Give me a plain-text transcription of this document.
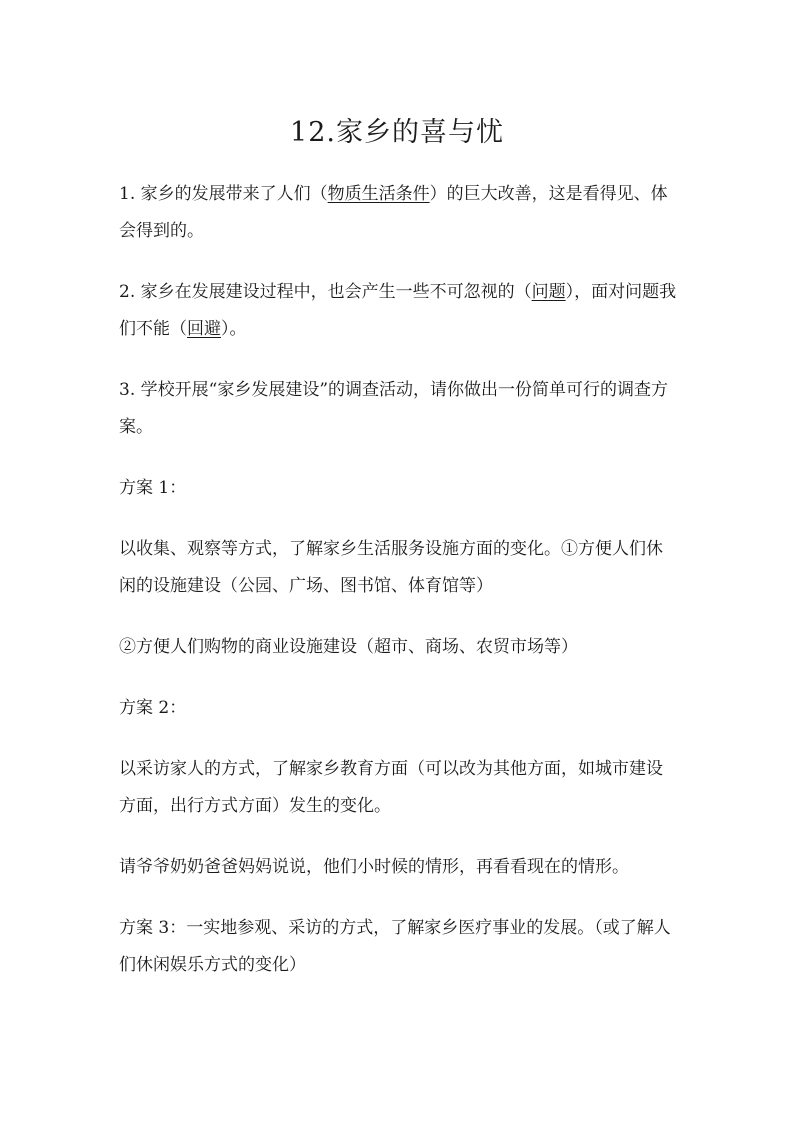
12.家乡的喜与忧

1. 家乡的发展带来了人们（物质生活条件）的巨大改善，这是看得见、体会得到的。

2. 家乡在发展建设过程中，也会产生一些不可忽视的（问题），面对问题我们不能（回避）。

3. 学校开展“家乡发展建设”的调查活动，请你做出一份简单可行的调查方案。

方案 1：

以收集、观察等方式，了解家乡生活服务设施方面的变化。①方便人们休闲的设施建设（公园、广场、图书馆、体育馆等）

②方便人们购物的商业设施建设（超市、商场、农贸市场等）

方案 2：

以采访家人的方式，了解家乡教育方面（可以改为其他方面，如城市建设方面，出行方式方面）发生的变化。

请爷爷奶奶爸爸妈妈说说，他们小时候的情形，再看看现在的情形。

方案 3：一实地参观、采访的方式，了解家乡医疗事业的发展。（或了解人们休闲娱乐方式的变化）
